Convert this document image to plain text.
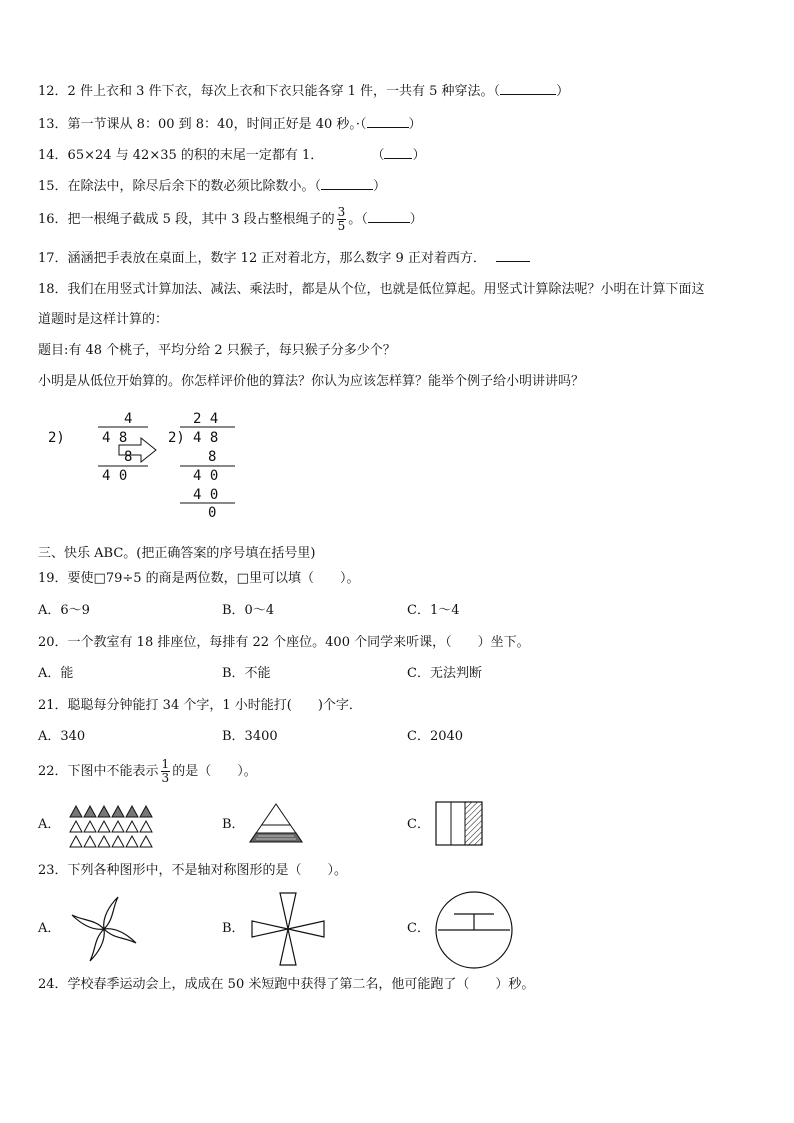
12．2 件上衣和 3 件下衣，每次上衣和下衣只能各穿 1 件，一共有 5 种穿法。（	）
13．第一节课从 8：00 到 8：40，时间正好是 40 秒。·（	）
14．65×24 与 42×35 的积的末尾一定都有 1．	（ ）
15．在除法中，除尽后余下的数必须比除数小。（	）
16．把一根绳子截成 5 段，其中 3 段占整根绳子的 $\frac{3}{5}$ 。（	）
17．涵涵把手表放在桌面上，数字 12 正对着北方，那么数字 9 正对着西方．
18．我们在用竖式计算加法、减法、乘法时，都是从个位，也就是低位算起。用竖式计算除法呢？小明在计算下面这
道题时是这样计算的：
题目:有 48 个桃子，平均分给 2 只猴子，每只猴子分多少个？
小明是从低位开始算的。你怎样评价他的算法？你认为应该怎样算？能举个例子给小明讲讲吗？
4
2)	4 8
8
4 0
2 4
2) 4 8
8
4 0
4 0
0
三、快乐 ABC。(把正确答案的序号填在括号里)
19．要使□79÷5 的商是两位数，□里可以填（　　）。
A．6～9	B．0～4	C．1～4
20．一个教室有 18 排座位，每排有 22 个座位。400 个同学来听课，（　　）坐下。
A．能	B．不能	C．无法判断
21．聪聪每分钟能打 34 个字，1 小时能打(　　)个字．
A．340	B．3400	C．2040
22．下图中不能表示 $\frac{1}{3}$ 的是（　　）。
A．	B．	C．
23．下列各种图形中，不是轴对称图形的是（　　）。
A．	B．	C．
24．学校春季运动会上，成成在 50 米短跑中获得了第二名，他可能跑了（　　）秒。
